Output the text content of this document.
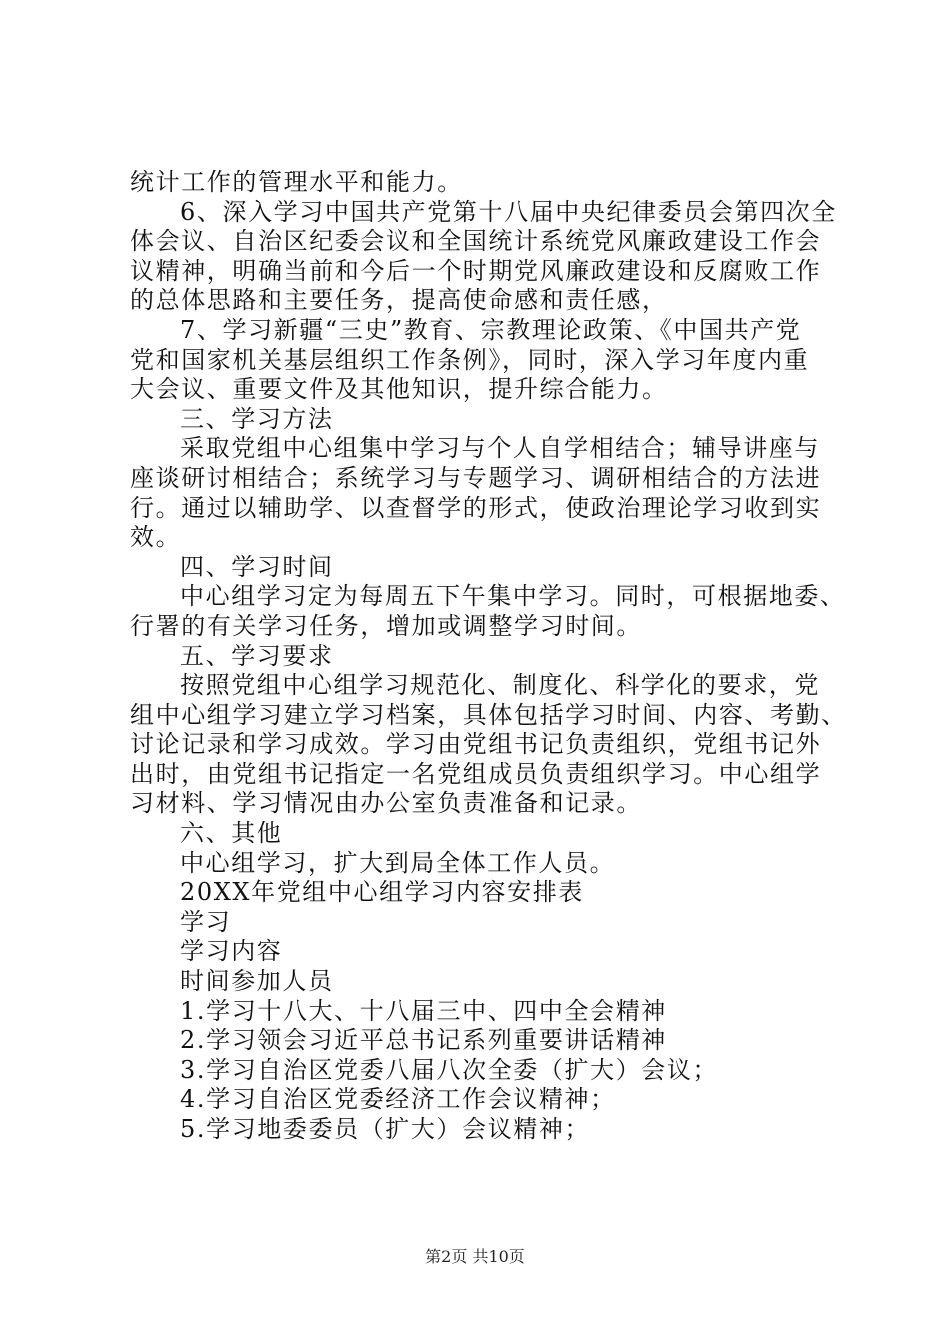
统计工作的管理水平和能力。
6、深入学习中国共产党第十八届中央纪律委员会第四次全
体会议、自治区纪委会议和全国统计系统党风廉政建设工作会
议精神，明确当前和今后一个时期党风廉政建设和反腐败工作
的总体思路和主要任务，提高使命感和责任感，
7、学习新疆“三史”教育、宗教理论政策、《中国共产党
党和国家机关基层组织工作条例》，同时，深入学习年度内重
大会议、重要文件及其他知识，提升综合能力。
三、学习方法
采取党组中心组集中学习与个人自学相结合；辅导讲座与
座谈研讨相结合；系统学习与专题学习、调研相结合的方法进
行。通过以辅助学、以查督学的形式，使政治理论学习收到实
效。
四、学习时间
中心组学习定为每周五下午集中学习。同时，可根据地委、
行署的有关学习任务，增加或调整学习时间。
五、学习要求
按照党组中心组学习规范化、制度化、科学化的要求，党
组中心组学习建立学习档案，具体包括学习时间、内容、考勤、
讨论记录和学习成效。学习由党组书记负责组织，党组书记外
出时，由党组书记指定一名党组成员负责组织学习。中心组学
习材料、学习情况由办公室负责准备和记录。
六、其他
中心组学习，扩大到局全体工作人员。
20XX年党组中心组学习内容安排表
学习
学习内容
时间参加人员
1.学习十八大、十八届三中、四中全会精神
2.学习领会习近平总书记系列重要讲话精神
3.学习自治区党委八届八次全委（扩大）会议；
4.学习自治区党委经济工作会议精神；
5.学习地委委员（扩大）会议精神；
第2页 共10页
